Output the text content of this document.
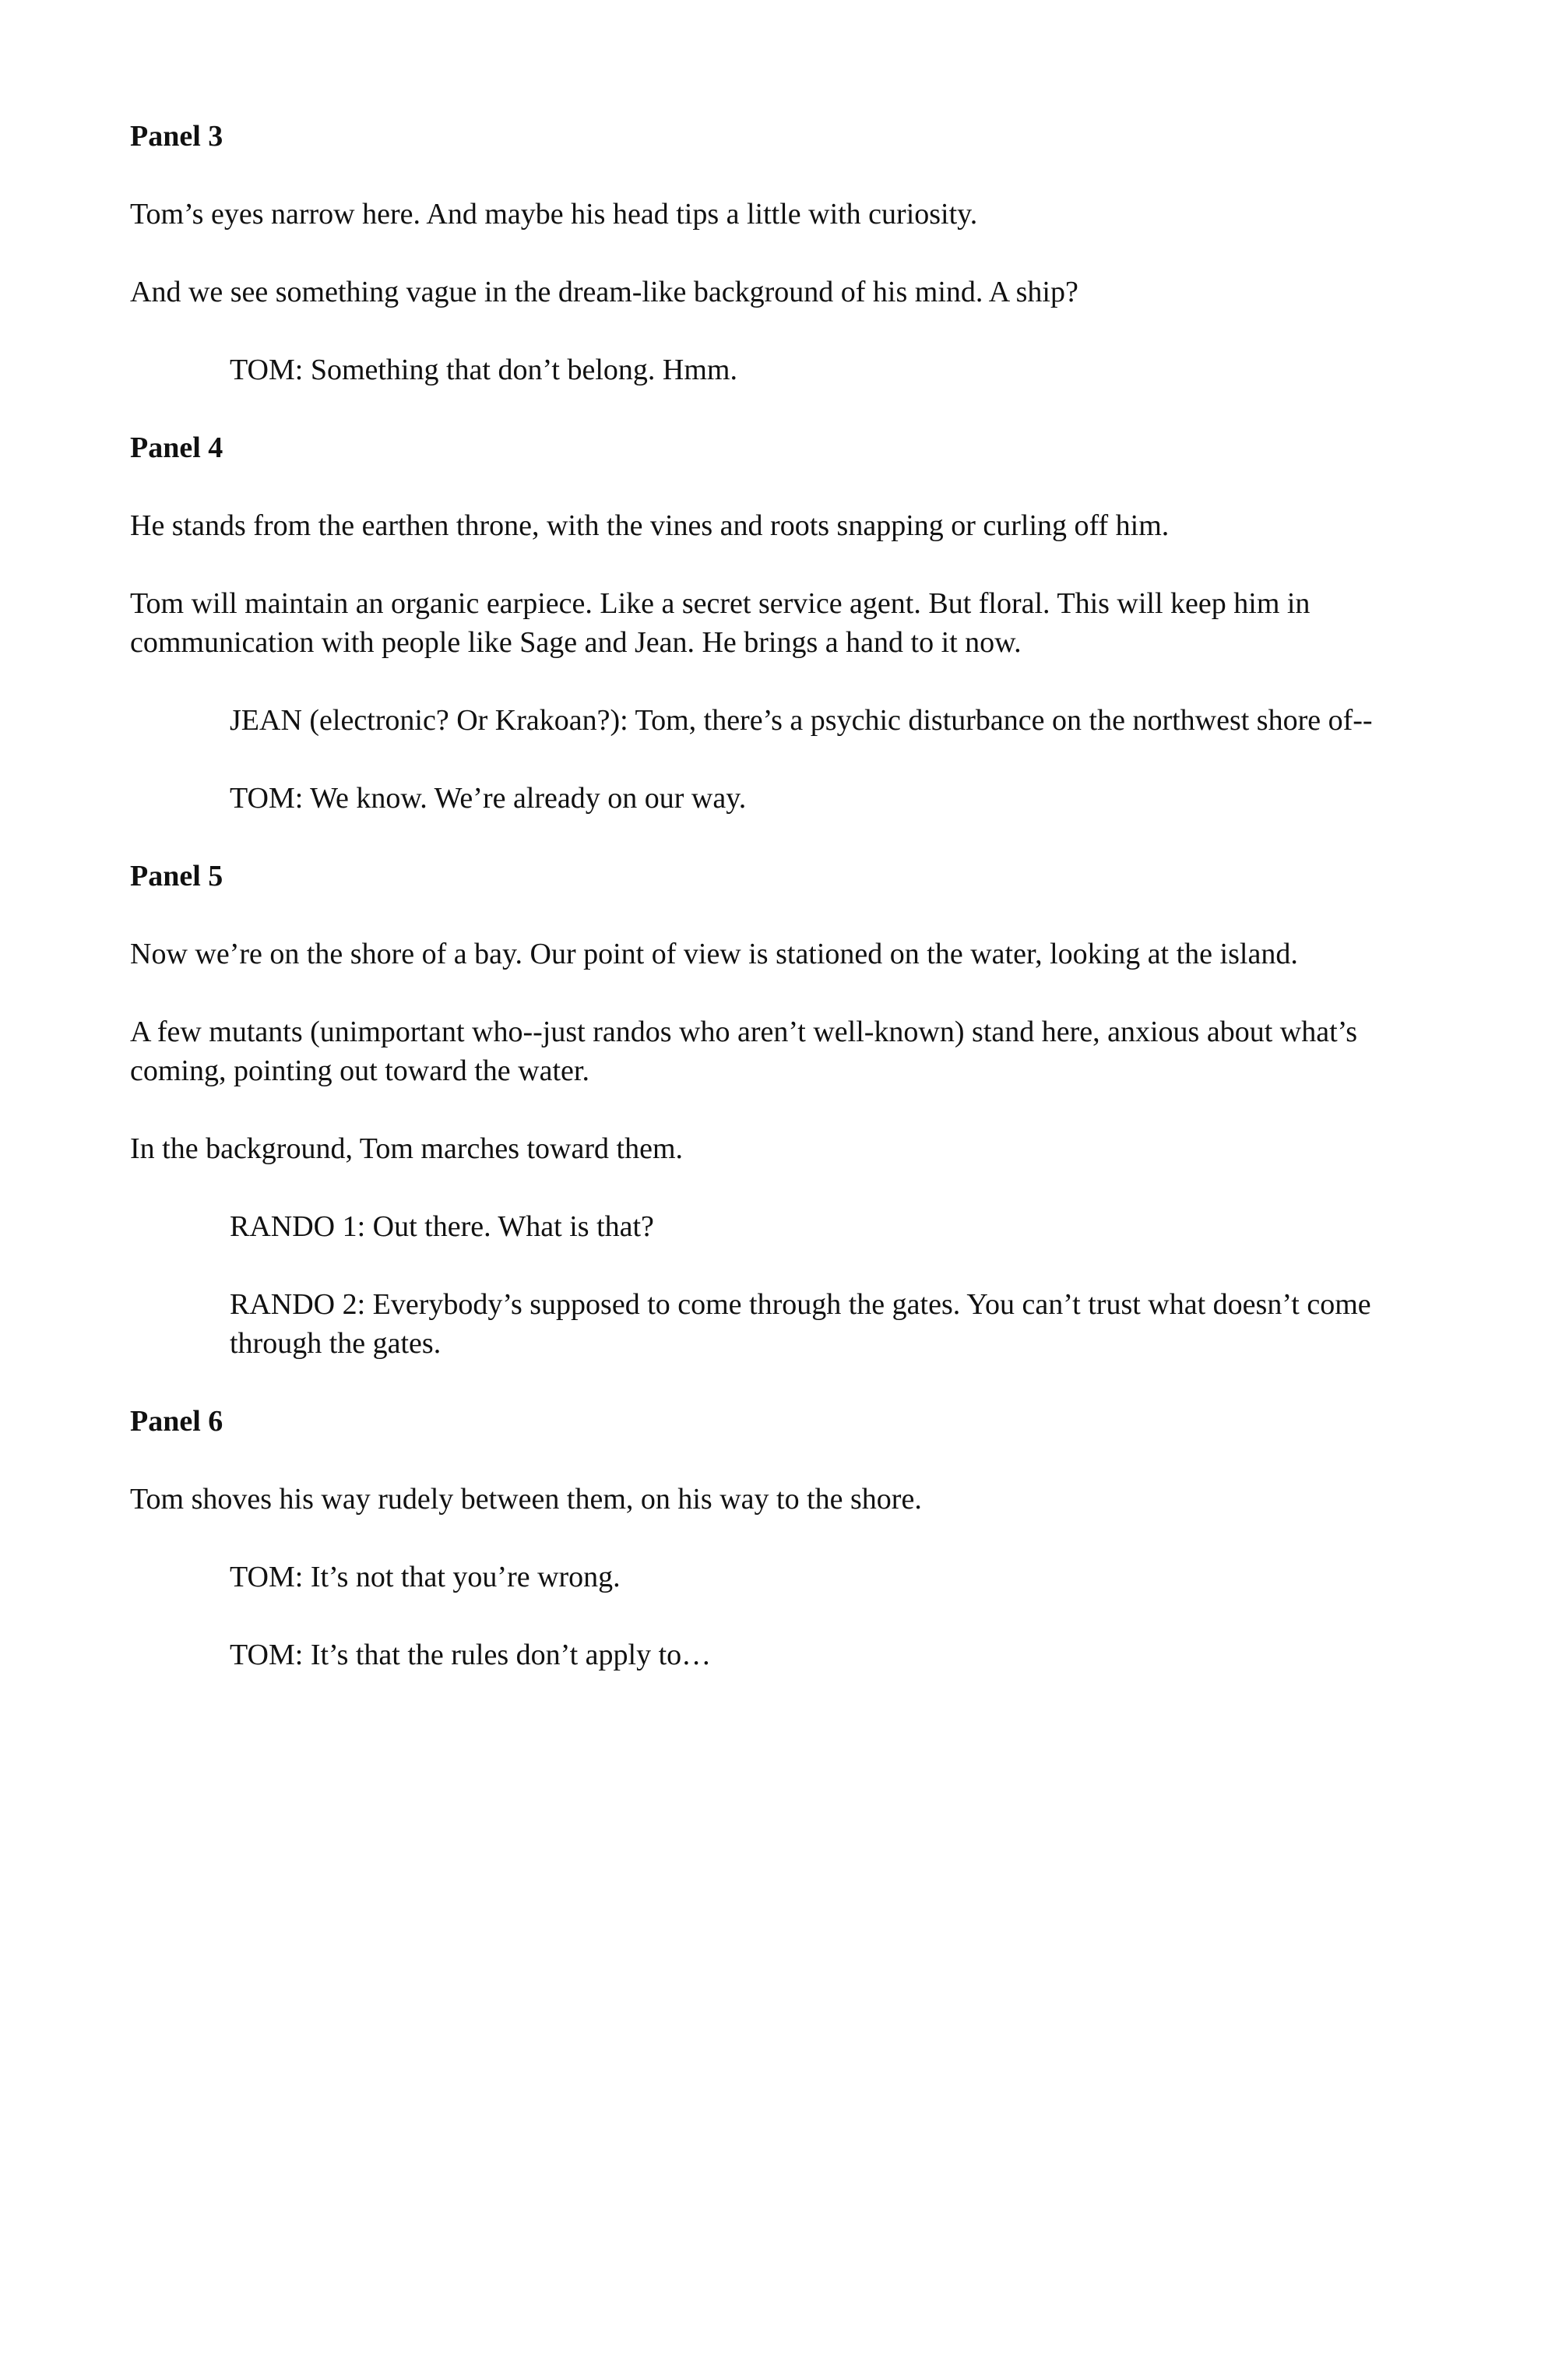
Panel 3

Tom’s eyes narrow here. And maybe his head tips a little with curiosity.

And we see something vague in the dream-like background of his mind. A ship?

TOM: Something that don’t belong. Hmm.

Panel 4

He stands from the earthen throne, with the vines and roots snapping or curling off him.

Tom will maintain an organic earpiece. Like a secret service agent. But floral. This will keep him in communication with people like Sage and Jean. He brings a hand to it now.

JEAN (electronic? Or Krakoan?): Tom, there’s a psychic disturbance on the northwest shore of--

TOM: We know. We’re already on our way.

Panel 5

Now we’re on the shore of a bay. Our point of view is stationed on the water, looking at the island.

A few mutants (unimportant who--just randos who aren’t well-known) stand here, anxious about what’s coming, pointing out toward the water.

In the background, Tom marches toward them.

RANDO 1: Out there. What is that?

RANDO 2: Everybody’s supposed to come through the gates. You can’t trust what doesn’t come through the gates.

Panel 6

Tom shoves his way rudely between them, on his way to the shore.

TOM: It’s not that you’re wrong.

TOM: It’s that the rules don’t apply to…
